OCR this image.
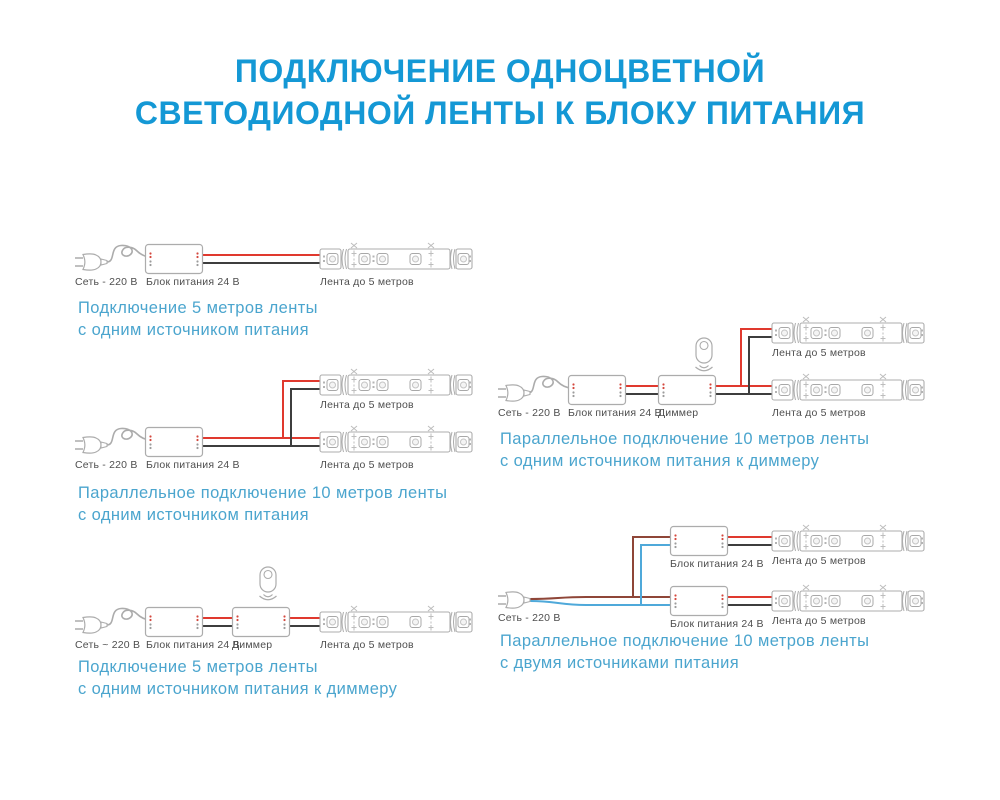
ПОДКЛЮЧЕНИЕ ОДНОЦВЕТНОЙ
СВЕТОДИОДНОЙ ЛЕНТЫ К БЛОКУ ПИТАНИЯ
Сеть - 220 В Блок питания 24 В	Лента до 5 метров
Подключение 5 метров ленты
с одним источником питания
Лента до 5 метров
Сеть - 220 В Блок питания 24 В	Лента до 5 метров
Параллельное подключение 10 метров ленты
с одним источником питания
Сеть ~ 220 В Блок питания 24 В
Диммер	Лента до 5 метров
Подключение 5 метров ленты
с одним источником питания к диммеру
Лента до 5 метров
Сеть - 220 В Блок питания 24 В
Диммер	Лента до 5 метров
Параллельное подключение 10 метров ленты
с одним источником питания к диммеру
Лента до 5 метров
Блок питания 24 В
Сеть - 220 В	Лента до 5 метров
Блок питания 24 В
Параллельное подключение 10 метров ленты
с двумя источниками питания
